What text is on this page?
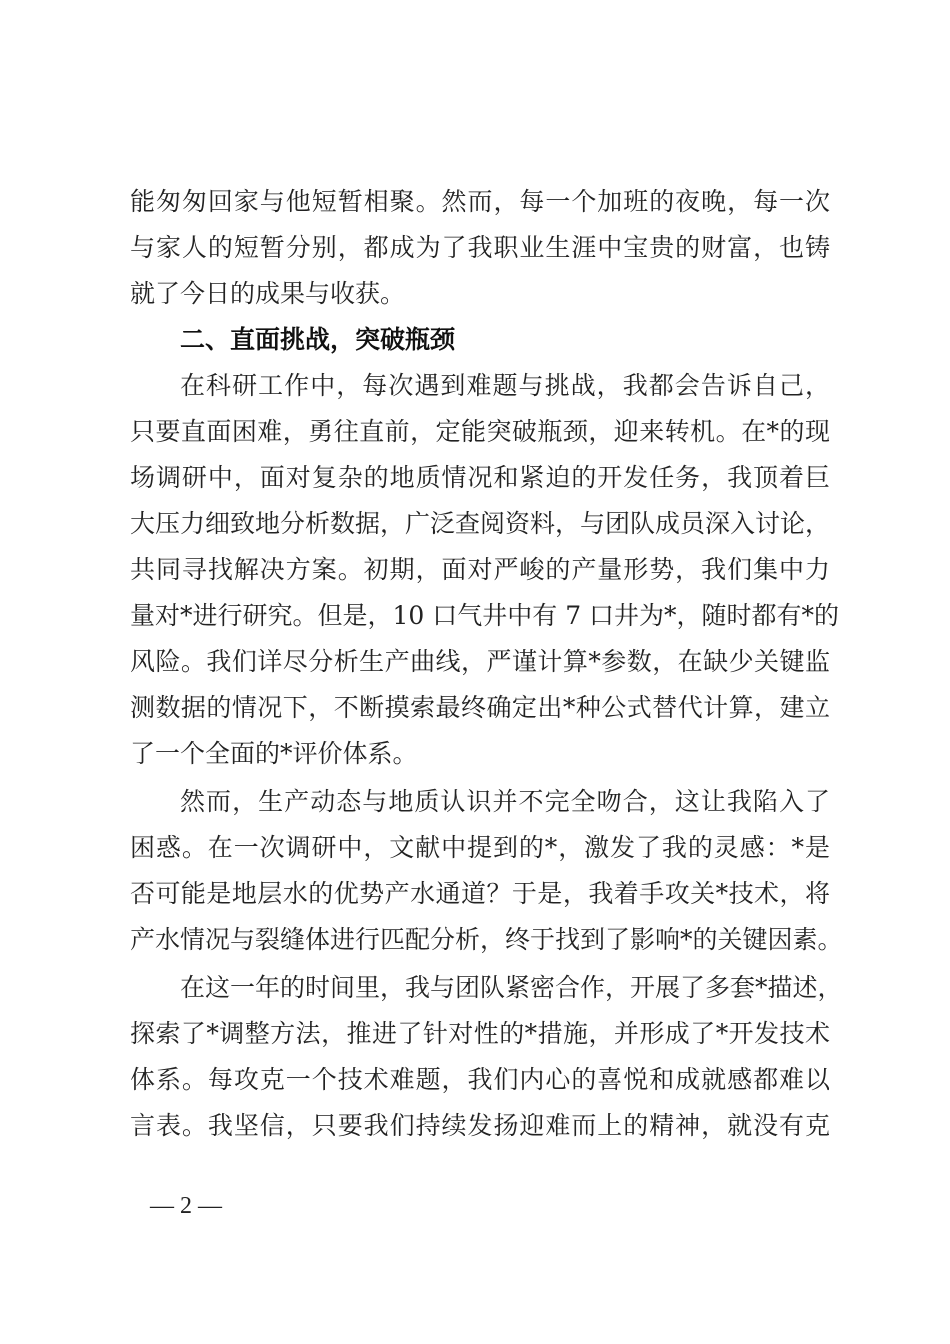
能匆匆回家与他短暂相聚。然而，每一个加班的夜晚，每一次
与家人的短暂分别，都成为了我职业生涯中宝贵的财富，也铸
就了今日的成果与收获。
二、直面挑战，突破瓶颈
在科研工作中，每次遇到难题与挑战，我都会告诉自己，
只要直面困难，勇往直前，定能突破瓶颈，迎来转机。在*的现
场调研中，面对复杂的地质情况和紧迫的开发任务，我顶着巨
大压力细致地分析数据，广泛查阅资料，与团队成员深入讨论，
共同寻找解决方案。初期，面对严峻的产量形势，我们集中力
量对*进行研究。但是，10 口气井中有 7 口井为*，随时都有*的
风险。我们详尽分析生产曲线，严谨计算*参数，在缺少关键监
测数据的情况下，不断摸索最终确定出*种公式替代计算，建立
了一个全面的*评价体系。
然而，生产动态与地质认识并不完全吻合，这让我陷入了
困惑。在一次调研中，文献中提到的*，激发了我的灵感：*是
否可能是地层水的优势产水通道？于是，我着手攻关*技术，将
产水情况与裂缝体进行匹配分析，终于找到了影响*的关键因素。
在这一年的时间里，我与团队紧密合作，开展了多套*描述，
探索了*调整方法，推进了针对性的*措施，并形成了*开发技术
体系。每攻克一个技术难题，我们内心的喜悦和成就感都难以
言表。我坚信，只要我们持续发扬迎难而上的精神，就没有克
— 2 —
